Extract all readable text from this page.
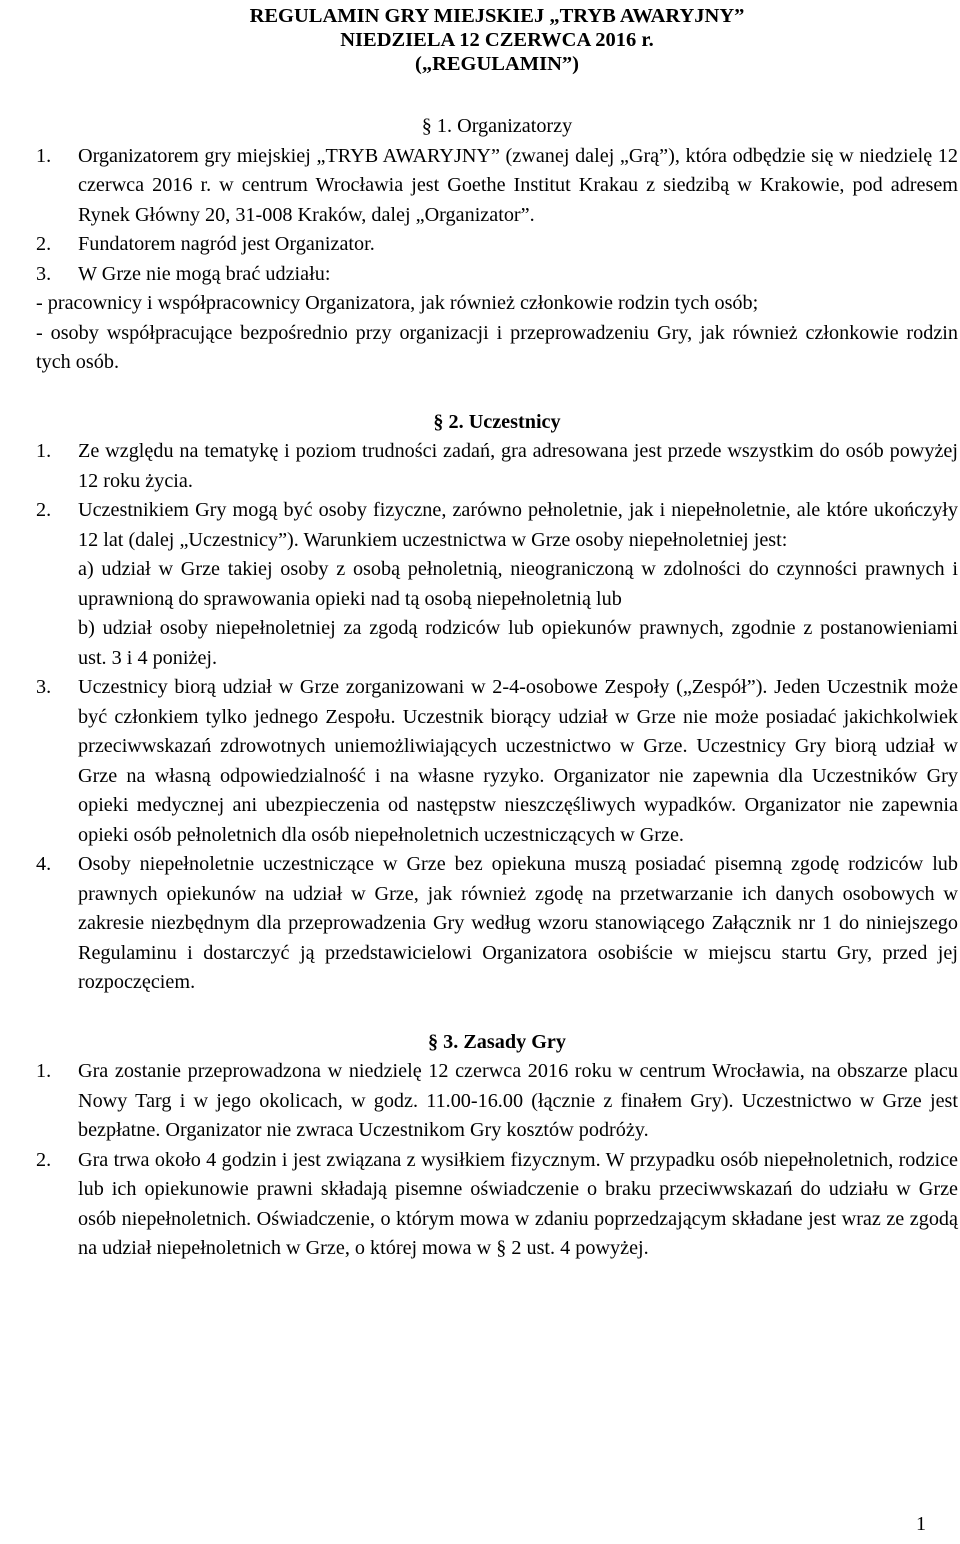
REGULAMIN GRY MIEJSKIEJ „TRYB AWARYJNY”

NIEDZIELA 12 CZERWCA 2016 r.

(„REGULAMIN”)

§ 1. Organizatorzy

1.	Organizatorem gry miejskiej „TRYB AWARYJNY” (zwanej dalej „Grą”), która odbędzie się w niedzielę 12 czerwca 2016 r. w centrum Wrocławia jest Goethe Institut Krakau z siedzibą w Krakowie, pod adresem Rynek Główny 20, 31-008 Kraków, dalej „Organizator”.
2.	Fundatorem nagród jest Organizator.
3.	W Grze nie mogą brać udziału:

- pracownicy i współpracownicy Organizatora, jak również członkowie rodzin tych osób;

- osoby współpracujące bezpośrednio przy organizacji i przeprowadzeniu Gry, jak również członkowie rodzin tych osób.

§ 2. Uczestnicy

1.	Ze względu na tematykę i poziom trudności zadań, gra adresowana jest przede wszystkim do osób powyżej 12 roku życia.
2.	Uczestnikiem Gry mogą być osoby fizyczne, zarówno pełnoletnie, jak i niepełnoletnie, ale które ukończyły 12 lat (dalej „Uczestnicy”). Warunkiem uczestnictwa w Grze osoby niepełnoletniej jest:

a) udział w Grze takiej osoby z osobą pełnoletnią, nieograniczoną w zdolności do czynności prawnych i uprawnioną do sprawowania opieki nad tą osobą niepełnoletnią lub

b) udział osoby niepełnoletniej za zgodą rodziców lub opiekunów prawnych, zgodnie z postanowieniami ust. 3 i 4 poniżej.

3.	Uczestnicy biorą udział w Grze zorganizowani w 2-4-osobowe Zespoły („Zespół”). Jeden Uczestnik może być członkiem tylko jednego Zespołu. Uczestnik biorący udział w Grze nie może posiadać jakichkolwiek przeciwwskazań zdrowotnych uniemożliwiających uczestnictwo w Grze. Uczestnicy Gry biorą udział w Grze na własną odpowiedzialność i na własne ryzyko. Organizator nie zapewnia dla Uczestników Gry opieki medycznej ani ubezpieczenia od następstw nieszczęśliwych wypadków. Organizator nie zapewnia opieki osób pełnoletnich dla osób niepełnoletnich uczestniczących w Grze.
4.	Osoby niepełnoletnie uczestniczące w Grze bez opiekuna muszą posiadać pisemną zgodę rodziców lub prawnych opiekunów na udział w Grze, jak również zgodę na przetwarzanie ich danych osobowych w zakresie niezbędnym dla przeprowadzenia Gry według wzoru stanowiącego Załącznik nr 1 do niniejszego Regulaminu i dostarczyć ją przedstawicielowi Organizatora osobiście w miejscu startu Gry, przed jej rozpoczęciem.

§ 3. Zasady Gry

1.	Gra zostanie przeprowadzona w niedzielę 12 czerwca 2016 roku w centrum Wrocławia, na obszarze placu Nowy Targ i w jego okolicach, w godz. 11.00-16.00 (łącznie z finałem Gry). Uczestnictwo w Grze jest bezpłatne. Organizator nie zwraca Uczestnikom Gry kosztów podróży.
2.	Gra trwa około 4 godzin i jest związana z wysiłkiem fizycznym. W przypadku osób niepełnoletnich, rodzice lub ich opiekunowie prawni składają pisemne oświadczenie o braku przeciwwskazań do udziału w Grze osób niepełnoletnich. Oświadczenie, o którym mowa w zdaniu poprzedzającym składane jest wraz ze zgodą na udział niepełnoletnich w Grze, o której mowa w § 2 ust. 4 powyżej.
1
